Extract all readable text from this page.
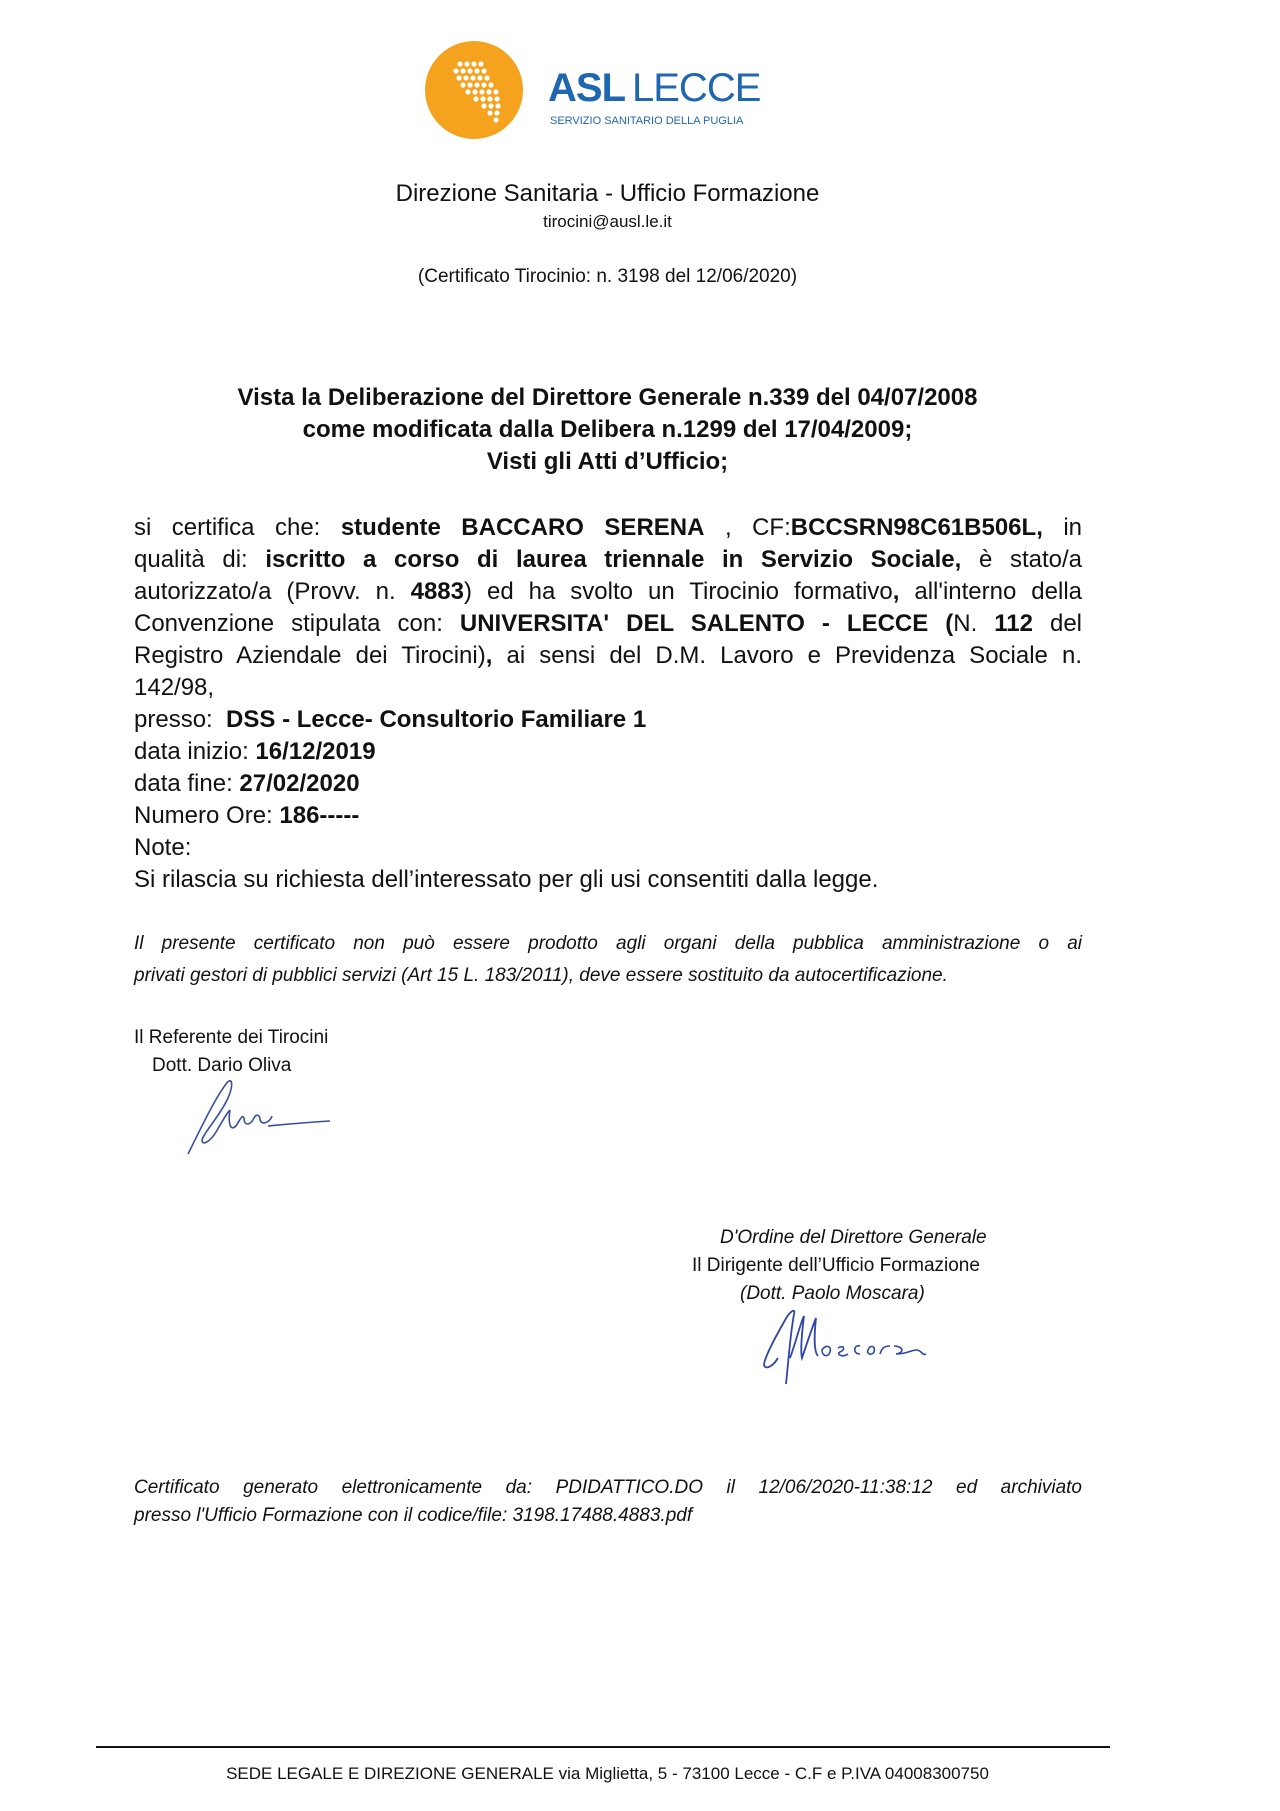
ASL LECCE
SERVIZIO SANITARIO DELLA PUGLIA
Direzione Sanitaria - Ufficio Formazione
tirocini@ausl.le.it
(Certificato Tirocinio: n. 3198 del 12/06/2020)
Vista la Deliberazione del Direttore Generale n.339 del 04/07/2008
come modificata dalla Delibera n.1299 del 17/04/2009;
Visti gli Atti d’Ufficio;
si certifica che: studente BACCARO SERENA , CF:BCCSRN98C61B506L, in
qualità di: iscritto a corso di laurea triennale in Servizio Sociale, è stato/a
autorizzato/a (Provv. n. 4883) ed ha svolto un Tirocinio formativo, all'interno della
Convenzione stipulata con: UNIVERSITA' DEL SALENTO - LECCE (N. 112 del
Registro Aziendale dei Tirocini), ai sensi del D.M. Lavoro e Previdenza Sociale n.
142/98,
presso: DSS - Lecce- Consultorio Familiare 1
data inizio: 16/12/2019
data fine: 27/02/2020
Numero Ore: 186-----
Note:
Si rilascia su richiesta dell’interessato per gli usi consentiti dalla legge.
Il presente certificato non può essere prodotto agli organi della pubblica amministrazione o ai
privati gestori di pubblici servizi (Art 15 L. 183/2011), deve essere sostituito da autocertificazione.
Il Referente dei Tirocini
Dott. Dario Oliva
D'Ordine del Direttore Generale
Il Dirigente dell’Ufficio Formazione
(Dott. Paolo Moscara)
Certificato generato elettronicamente da: PDIDATTICO.DO il 12/06/2020-11:38:12 ed archiviato
presso l'Ufficio Formazione con il codice/file: 3198.17488.4883.pdf
SEDE LEGALE E DIREZIONE GENERALE via Miglietta, 5 - 73100 Lecce - C.F e P.IVA 04008300750
